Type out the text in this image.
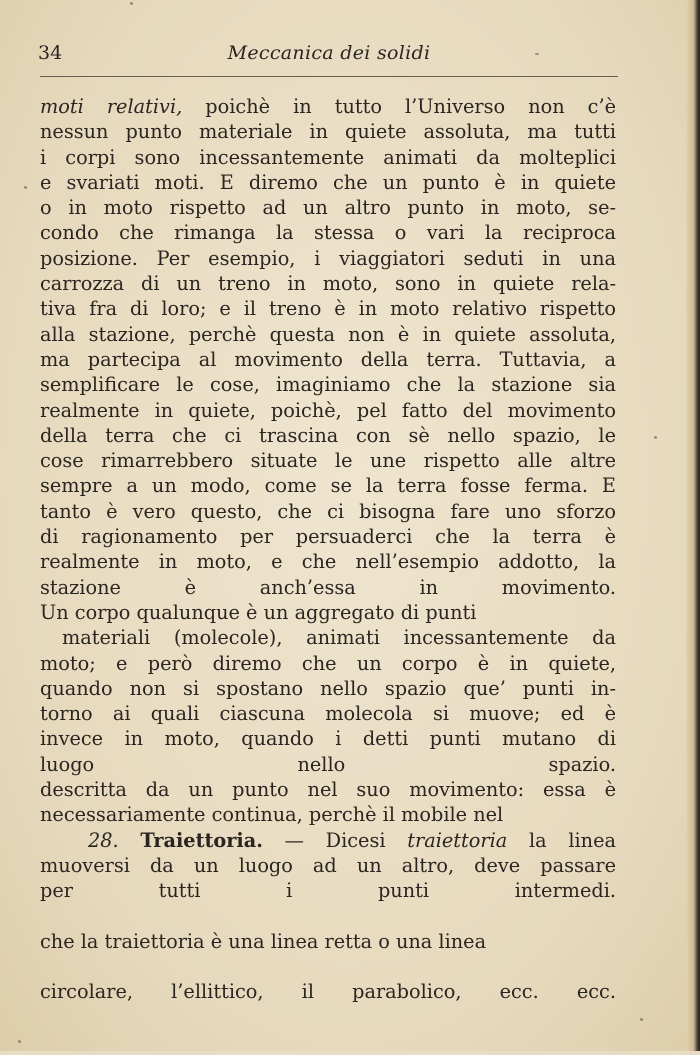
34	Meccanica dei solidi
moti relativi, poichè in tutto l’Universo non c’è
nessun punto materiale in quiete assoluta, ma tutti
i corpi sono incessantemente animati da molteplici
e svariati moti. E diremo che un punto è in quiete
o in moto rispetto ad un altro punto in moto, se-
condo che rimanga la stessa o vari la reciproca
posizione. Per esempio, i viaggiatori seduti in una
carrozza di un treno in moto, sono in quiete rela-
tiva fra di loro; e il treno è in moto relativo rispetto
alla stazione, perchè questa non è in quiete assoluta,
ma partecipa al movimento della terra. Tuttavia, a
semplificare le cose, imaginiamo che la stazione sia
realmente in quiete, poichè, pel fatto del movimento
della terra che ci trascina con sè nello spazio, le
cose rimarrebbero situate le une rispetto alle altre
sempre a un modo, come se la terra fosse ferma. E
tanto è vero questo, che ci bisogna fare uno sforzo
di ragionamento per persuaderci che la terra è
realmente in moto, e che nell’esempio addotto, la
stazione è anch’essa in movimento.
Un corpo qualunque è un aggregato di punti
materiali (molecole), animati incessantemente da
moto; e però diremo che un corpo è in quiete,
quando non si spostano nello spazio que’ punti in-
torno ai quali ciascuna molecola si muove; ed è
invece in moto, quando i detti punti mutano di
luogo nello spazio.
descritta da un punto nel suo movimento: essa è
necessariamente continua, perchè il mobile nel
28. Traiettoria. — Dicesi traiettoria la linea
muoversi da un luogo ad un altro, deve passare
per tutti i punti intermedi.
che la traiettoria è una linea retta o una linea
circolare, l’ellittico, il parabolico, ecc. ecc.
